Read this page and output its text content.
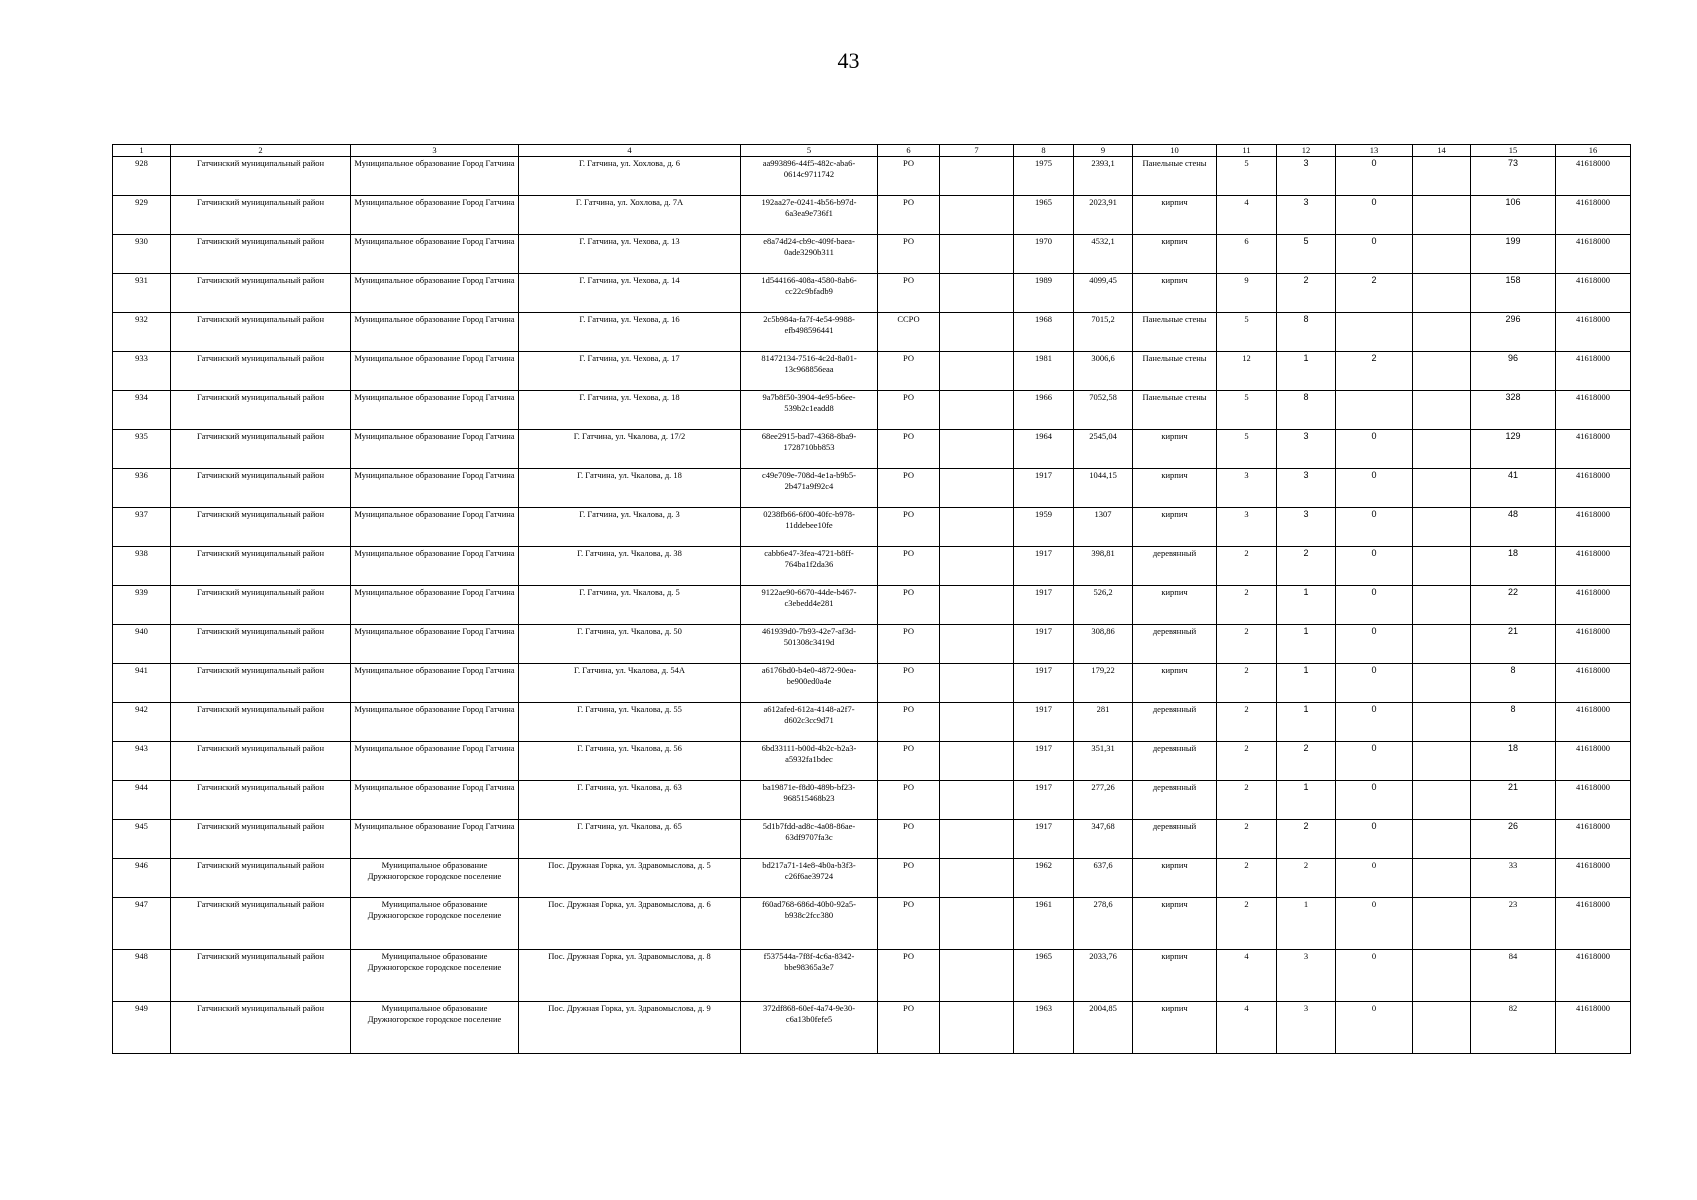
43
1	2	3	4	5	6	7	8	9	10	11	12	13	14	15	16
928	Гатчинский муниципальный район	Муниципальное образование Город Гатчина	Г. Гатчина, ул. Хохлова, д. 6	aa993896-44f5-482c-aba6-0614c9711742	РО		1975	2393,1	Панельные стены	5	3	0		73	41618000
929	Гатчинский муниципальный район	Муниципальное образование Город Гатчина	Г. Гатчина, ул. Хохлова, д. 7А	192aa27e-0241-4b56-b97d-6a3ea9e736f1	РО		1965	2023,91	кирпич	4	3	0		106	41618000
930	Гатчинский муниципальный район	Муниципальное образование Город Гатчина	Г. Гатчина, ул. Чехова, д. 13	e8a74d24-cb9c-409f-baea-0ade3290b311	РО		1970	4532,1	кирпич	6	5	0		199	41618000
931	Гатчинский муниципальный район	Муниципальное образование Город Гатчина	Г. Гатчина, ул. Чехова, д. 14	1d544166-408a-4580-8ab6-cc22c9bfadb9	РО		1989	4099,45	кирпич	9	2	2		158	41618000
932	Гатчинский муниципальный район	Муниципальное образование Город Гатчина	Г. Гатчина, ул. Чехова, д. 16	2c5b984a-fa7f-4e54-9988-efb498596441	ССРО		1968	7015,2	Панельные стены	5	8			296	41618000
933	Гатчинский муниципальный район	Муниципальное образование Город Гатчина	Г. Гатчина, ул. Чехова, д. 17	81472134-7516-4c2d-8a01-13c968856eaa	РО		1981	3006,6	Панельные стены	12	1	2		96	41618000
934	Гатчинский муниципальный район	Муниципальное образование Город Гатчина	Г. Гатчина, ул. Чехова, д. 18	9a7b8f50-3904-4e95-b6ee-539b2c1eadd8	РО		1966	7052,58	Панельные стены	5	8			328	41618000
935	Гатчинский муниципальный район	Муниципальное образование Город Гатчина	Г. Гатчина, ул. Чкалова, д. 17/2	68ee2915-bad7-4368-8ba9-1728710bb853	РО		1964	2545,04	кирпич	5	3	0		129	41618000
936	Гатчинский муниципальный район	Муниципальное образование Город Гатчина	Г. Гатчина, ул. Чкалова, д. 18	c49e709e-708d-4e1a-b9b5-2b471a9f92c4	РО		1917	1044,15	кирпич	3	3	0		41	41618000
937	Гатчинский муниципальный район	Муниципальное образование Город Гатчина	Г. Гатчина, ул. Чкалова, д. 3	0238fb66-6f00-40fc-b978-11ddebee10fe	РО		1959	1307	кирпич	3	3	0		48	41618000
938	Гатчинский муниципальный район	Муниципальное образование Город Гатчина	Г. Гатчина, ул. Чкалова, д. 38	cabb6e47-3fea-4721-b8ff-764ba1f2da36	РО		1917	398,81	деревянный	2	2	0		18	41618000
939	Гатчинский муниципальный район	Муниципальное образование Город Гатчина	Г. Гатчина, ул. Чкалова, д. 5	9122ae90-6670-44de-b467-c3ebedd4e281	РО		1917	526,2	кирпич	2	1	0		22	41618000
940	Гатчинский муниципальный район	Муниципальное образование Город Гатчина	Г. Гатчина, ул. Чкалова, д. 50	461939d0-7b93-42e7-af3d-501308c3419d	РО		1917	308,86	деревянный	2	1	0		21	41618000
941	Гатчинский муниципальный район	Муниципальное образование Город Гатчина	Г. Гатчина, ул. Чкалова, д. 54А	a6176bd0-b4e0-4872-90ea-be900ed0a4e	РО		1917	179,22	кирпич	2	1	0		8	41618000
942	Гатчинский муниципальный район	Муниципальное образование Город Гатчина	Г. Гатчина, ул. Чкалова, д. 55	a612afed-612a-4148-a2f7-d602c3cc9d71	РО		1917	281	деревянный	2	1	0		8	41618000
943	Гатчинский муниципальный район	Муниципальное образование Город Гатчина	Г. Гатчина, ул. Чкалова, д. 56	6bd33111-b00d-4b2c-b2a3-a5932fa1bdec	РО		1917	351,31	деревянный	2	2	0		18	41618000
944	Гатчинский муниципальный район	Муниципальное образование Город Гатчина	Г. Гатчина, ул. Чкалова, д. 63	ba19871e-f8d0-489b-bf23-968515468b23	РО		1917	277,26	деревянный	2	1	0		21	41618000
945	Гатчинский муниципальный район	Муниципальное образование Город Гатчина	Г. Гатчина, ул. Чкалова, д. 65	5d1b7fdd-ad8c-4a08-86ae-63df9707fa3c	РО		1917	347,68	деревянный	2	2	0		26	41618000
946	Гатчинский муниципальный район	Муниципальное образование Дружногорское городское поселение	Пос. Дружная Горка, ул. Здравомыслова, д. 5	bd217a71-14e8-4b0a-b3f3-c26f6ae39724	РО		1962	637,6	кирпич	2	2	0		33	41618000
947	Гатчинский муниципальный район	Муниципальное образование Дружногорское городское поселение	Пос. Дружная Горка, ул. Здравомыслова, д. 6	f60ad768-686d-40b0-92a5-b938c2fcc380	РО		1961	278,6	кирпич	2	1	0		23	41618000
948	Гатчинский муниципальный район	Муниципальное образование Дружногорское городское поселение	Пос. Дружная Горка, ул. Здравомыслова, д. 8	f537544a-7f8f-4c6a-8342-bbe98365a3e7	РО		1965	2033,76	кирпич	4	3	0		84	41618000
949	Гатчинский муниципальный район	Муниципальное образование Дружногорское городское поселение	Пос. Дружная Горка, ул. Здравомыслова, д. 9	372df868-60ef-4a74-9e30-c6a13b0fefe5	РО		1963	2004,85	кирпич	4	3	0		82	41618000
